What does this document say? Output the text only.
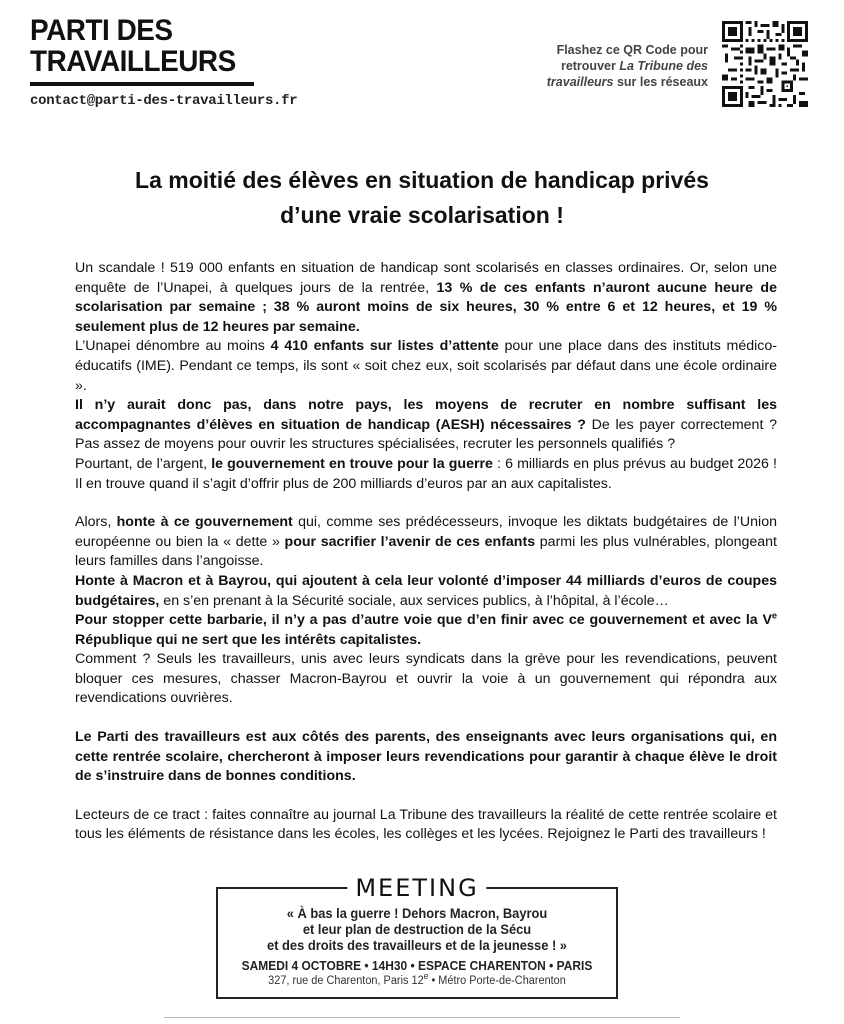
PARTI DES
TRAVAILLEURS
contact@parti-des-travailleurs.fr
Flashez ce QR Code pour
retrouver La Tribune des
travailleurs sur les réseaux
La moitié des élèves en situation de handicap privés
d’une vraie scolarisation !

Un scandale ! 519 000 enfants en situation de handicap sont scolarisés en classes ordinaires. Or, selon une enquête de l’Unapei, à quelques jours de la rentrée, 13 % de ces enfants n’auront aucune heure de scolarisation par semaine ; 38 % auront moins de six heures, 30 % entre 6 et 12 heures, et 19 % seulement plus de 12 heures par semaine.

L’Unapei dénombre au moins 4 410 enfants sur listes d’attente pour une place dans des instituts médico-éducatifs (IME). Pendant ce temps, ils sont « soit chez eux, soit scolarisés par défaut dans une école ordinaire ».

Il n’y aurait donc pas, dans notre pays, les moyens de recruter en nombre suffisant les accompagnantes d’élèves en situation de handicap (AESH) nécessaires ? De les payer correctement ? Pas assez de moyens pour ouvrir les structures spécialisées, recruter les personnels qualifiés ?

Pourtant, de l’argent, le gouvernement en trouve pour la guerre : 6 milliards en plus prévus au budget 2026 ! Il en trouve quand il s’agit d’offrir plus de 200 milliards d’euros par an aux capitalistes.

Alors, honte à ce gouvernement qui, comme ses prédécesseurs, invoque les diktats budgétaires de l’Union européenne ou bien la « dette » pour sacrifier l’avenir de ces enfants parmi les plus vulnérables, plongeant leurs familles dans l’angoisse.

Honte à Macron et à Bayrou, qui ajoutent à cela leur volonté d’imposer 44 milliards d’euros de coupes budgétaires, en s’en prenant à la Sécurité sociale, aux services publics, à l’hôpital, à l’école…

Pour stopper cette barbarie, il n’y a pas d’autre voie que d’en finir avec ce gouvernement et avec la Ve République qui ne sert que les intérêts capitalistes.

Comment ? Seuls les travailleurs, unis avec leurs syndicats dans la grève pour les revendications, peuvent bloquer ces mesures, chasser Macron-Bayrou et ouvrir la voie à un gouvernement qui répondra aux revendications ouvrières.

Le Parti des travailleurs est aux côtés des parents, des enseignants avec leurs organisations qui, en cette rentrée scolaire, chercheront à imposer leurs revendications pour garantir à chaque élève le droit de s’instruire dans de bonnes conditions.

Lecteurs de ce tract : faites connaître au journal La Tribune des travailleurs la réalité de cette rentrée scolaire et tous les éléments de résistance dans les écoles, les collèges et les lycées. Rejoignez le Parti des travailleurs !

MEETING
« À bas la guerre ! Dehors Macron, Bayrou
et leur plan de destruction de la Sécu
et des droits des travailleurs et de la jeunesse ! »
SAMEDI 4 OCTOBRE • 14H30 • ESPACE CHARENTON • PARIS
327, rue de Charenton, Paris 12e • Métro Porte-de-Charenton
